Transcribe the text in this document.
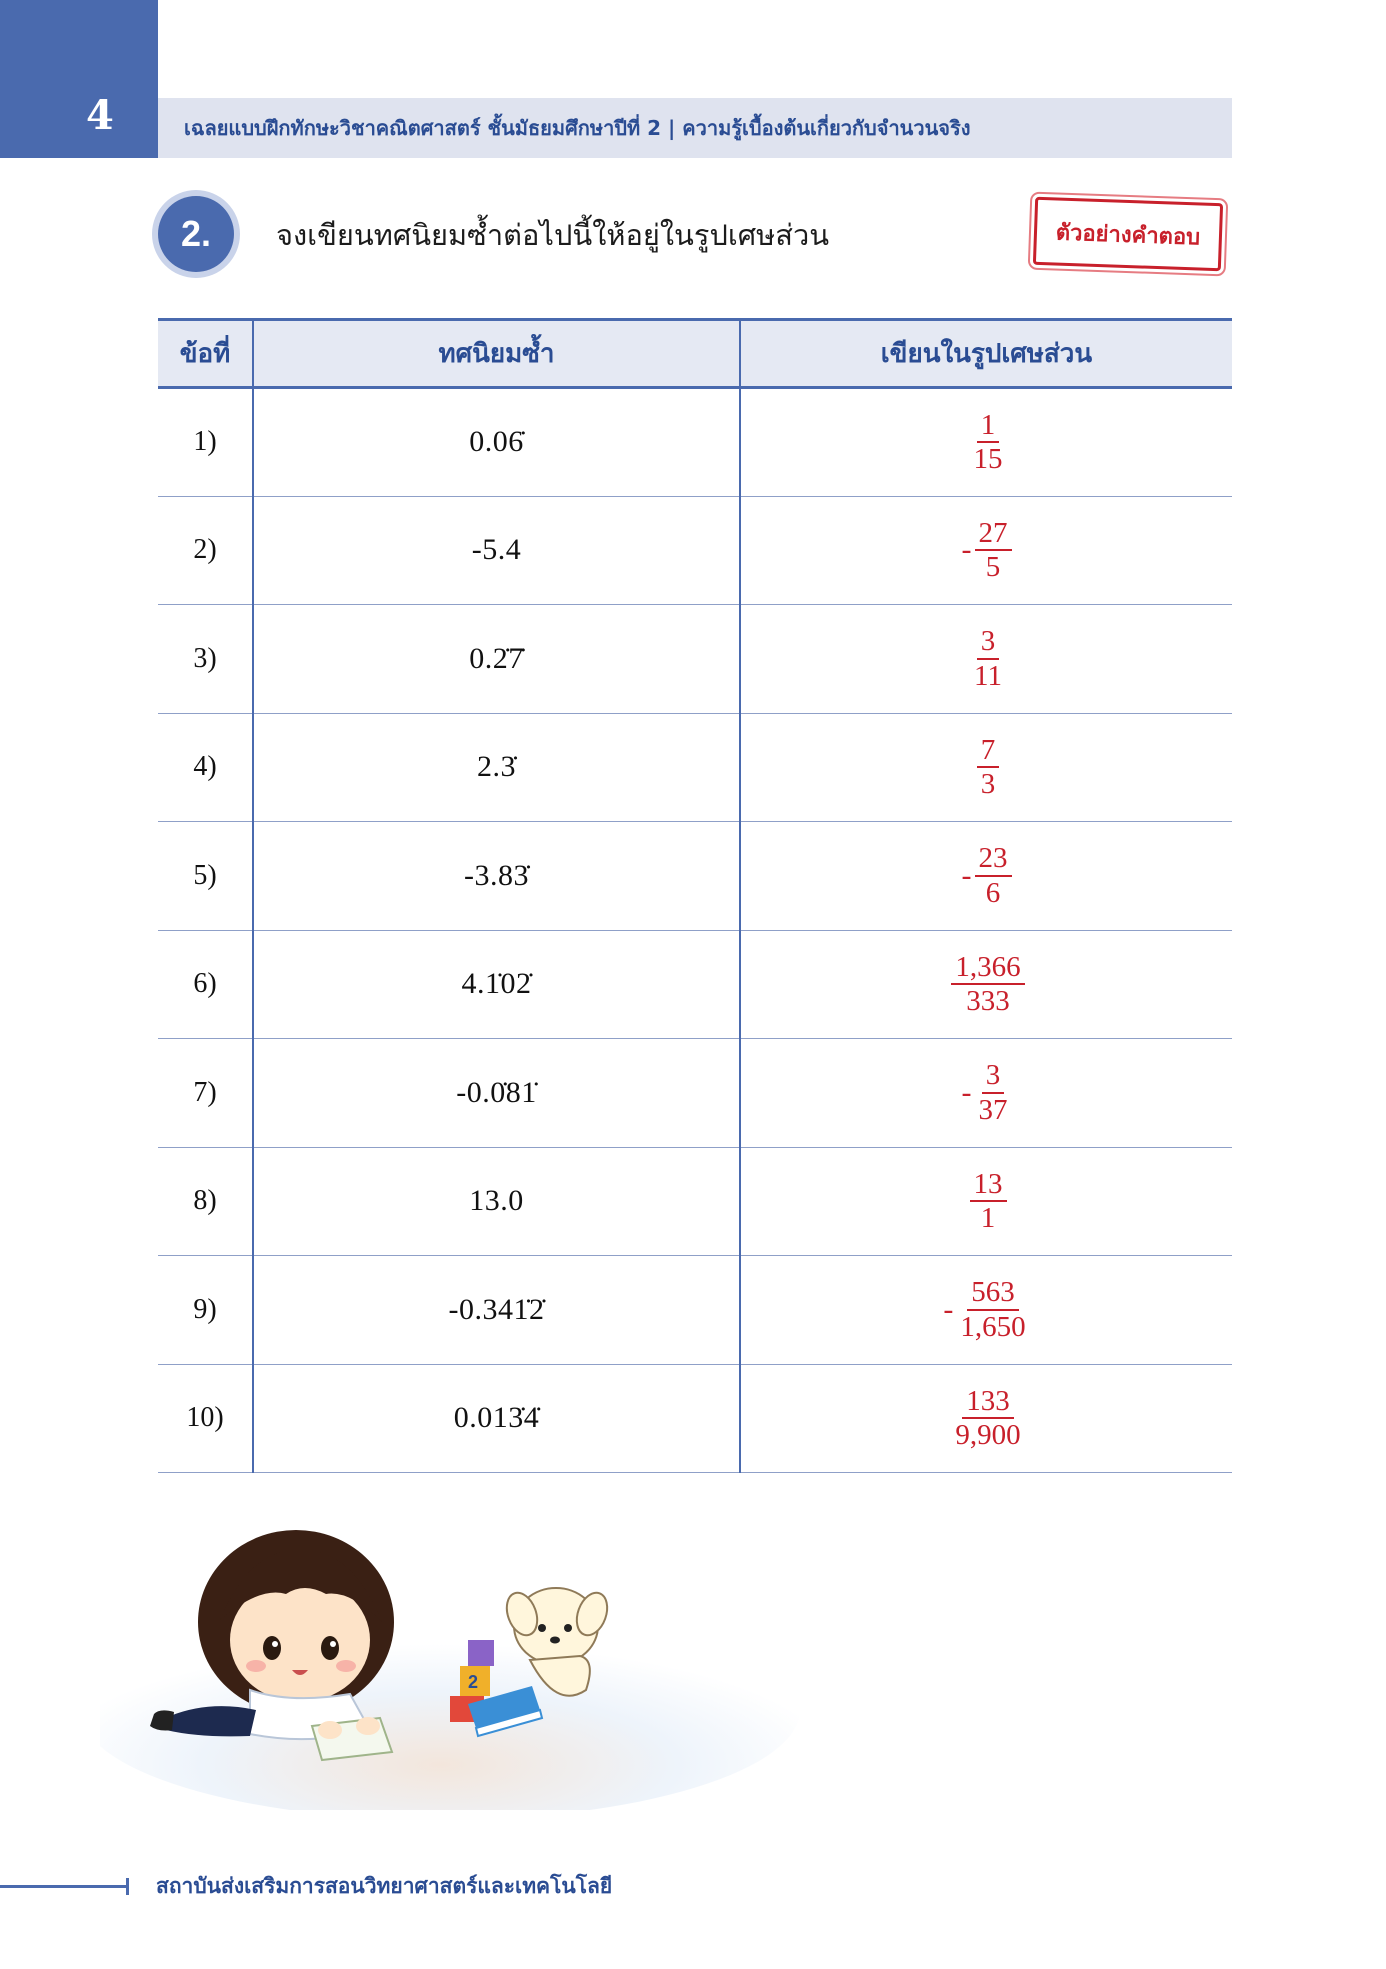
4	เฉลยแบบฝึกทักษะวิชาคณิตศาสตร์ ชั้นมัธยมศึกษาปีที่ 2 | ความรู้เบื้องต้นเกี่ยวกับจำนวนจริง
2. จงเขียนทศนิยมซ้ำต่อไปนี้ให้อยู่ในรูปเศษส่วน	ตัวอย่างคำตอบ
ข้อที่	ทศนิยมซ้ำ	เขียนในรูปเศษส่วน
1)	0.06̇	$\frac{1}{15}$

2)	-5.4	- $\frac{27}{5}$

3)	0.2̇7̇	$\frac{3}{11}$

4)	2.3̇	$\frac{7}{3}$

5)	-3.83̇	- $\frac{23}{6}$

6)	4.1̇02̇	$\frac{1,366}{333}$

7)	-0.0̇81̇	- $\frac{3}{37}$

8)	13.0	$\frac{13}{1}$

9)	-0.341̇2̇	- $\frac{563}{1,650}$

10)	0.013̇4̇	$\frac{133}{9,900}$
2
สถาบันส่งเสริมการสอนวิทยาศาสตร์และเทคโนโลยี
